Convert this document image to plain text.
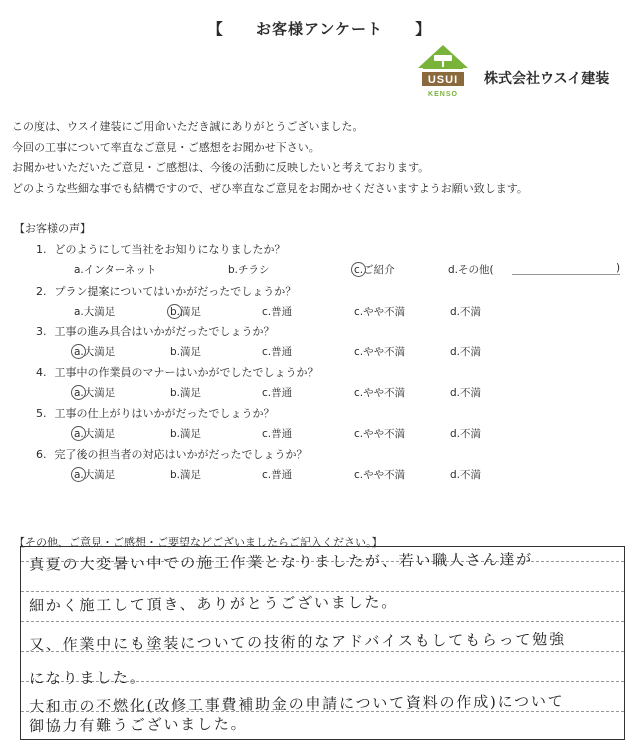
【 お客様アンケート 】
USUI
KENSO
株式会社ウスイ建装
この度は、ウスイ建装にご用命いただき誠にありがとうございました。
今回の工事について率直なご意見・ご感想をお聞かせ下さい。
お聞かせいただいたご意見・ご感想は、今後の活動に反映したいと考えております。
どのような些細な事でも結構ですので、ぜひ率直なご意見をお聞かせくださいますようお願い致します。
【お客様の声】
1. どのようにして当社をお知りになりましたか？
a.インターネット	b.チラシ	c.ご紹介	d.その他(	)
2. プラン提案についてはいかがだったでしょうか？
a.大満足	b.満足	c.普通	c.やや不満	d.不満
3. 工事の進み具合はいかがだったでしょうか？
a.大満足	b.満足	c.普通	c.やや不満	d.不満
4. 工事中の作業員のマナーはいかがでしたでしょうか？
a.大満足	b.満足	c.普通	c.やや不満	d.不満
5. 工事の仕上がりはいかがだったでしょうか？
a.大満足	b.満足	c.普通	c.やや不満	d.不満
6. 完了後の担当者の対応はいかがだったでしょうか？
a.大満足	b.満足	c.普通	c.やや不満	d.不満
【その他、ご意見・ご感想・ご要望などございましたらご記入ください。】
真夏の大変暑い中での施工作業となりましたが、若い職人さん達が
細かく施工して頂き、ありがとうございました。
又、作業中にも塗装についての技術的なアドバイスもしてもらって勉強
になりました。
大和市の不燃化(改修工事費補助金の申請について資料の作成)について
御協力有難うございました。
